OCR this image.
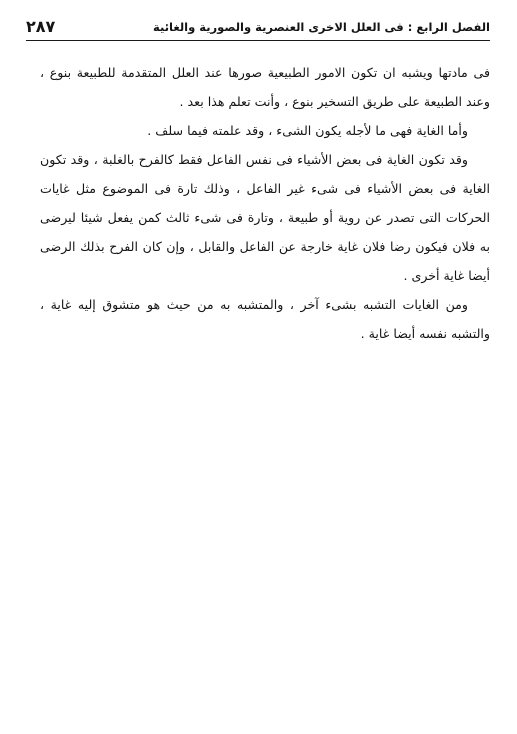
الفصل الرابع : فى العلل الاخرى العنصرية والصورية والغائية
٢٨٧

فى مادتها ويشبه ان تكون الامور الطبيعية صورها عند العلل المتقدمة للطبيعة بنوع ، وعند الطبيعة على طريق التسخير بنوع ، وأنت تعلم هذا بعد .

وأما الغاية فهى ما لأجله يكون الشىء ، وقد علمته فيما سلف .

وقد تكون الغاية فى بعض الأشياء فى نفس الفاعل فقط كالفرح بالغلبة ، وقد تكون الغاية فى بعض الأشياء فى شىء غير الفاعل ، وذلك تارة فى الموضوع مثل غايات الحركات التى تصدر عن روية أو طبيعة ، وتارة فى شىء ثالث كمن يفعل شيئا ليرضى به فلان فيكون رضا فلان غاية خارجة عن الفاعل والقابل ، وإن كان الفرح بذلك الرضى أيضا غاية أخرى .

ومن الغايات التشبه بشىء آخر ، والمتشبه به من حيث هو متشوق إليه غاية ، والتشبه نفسه أيضا غاية .
